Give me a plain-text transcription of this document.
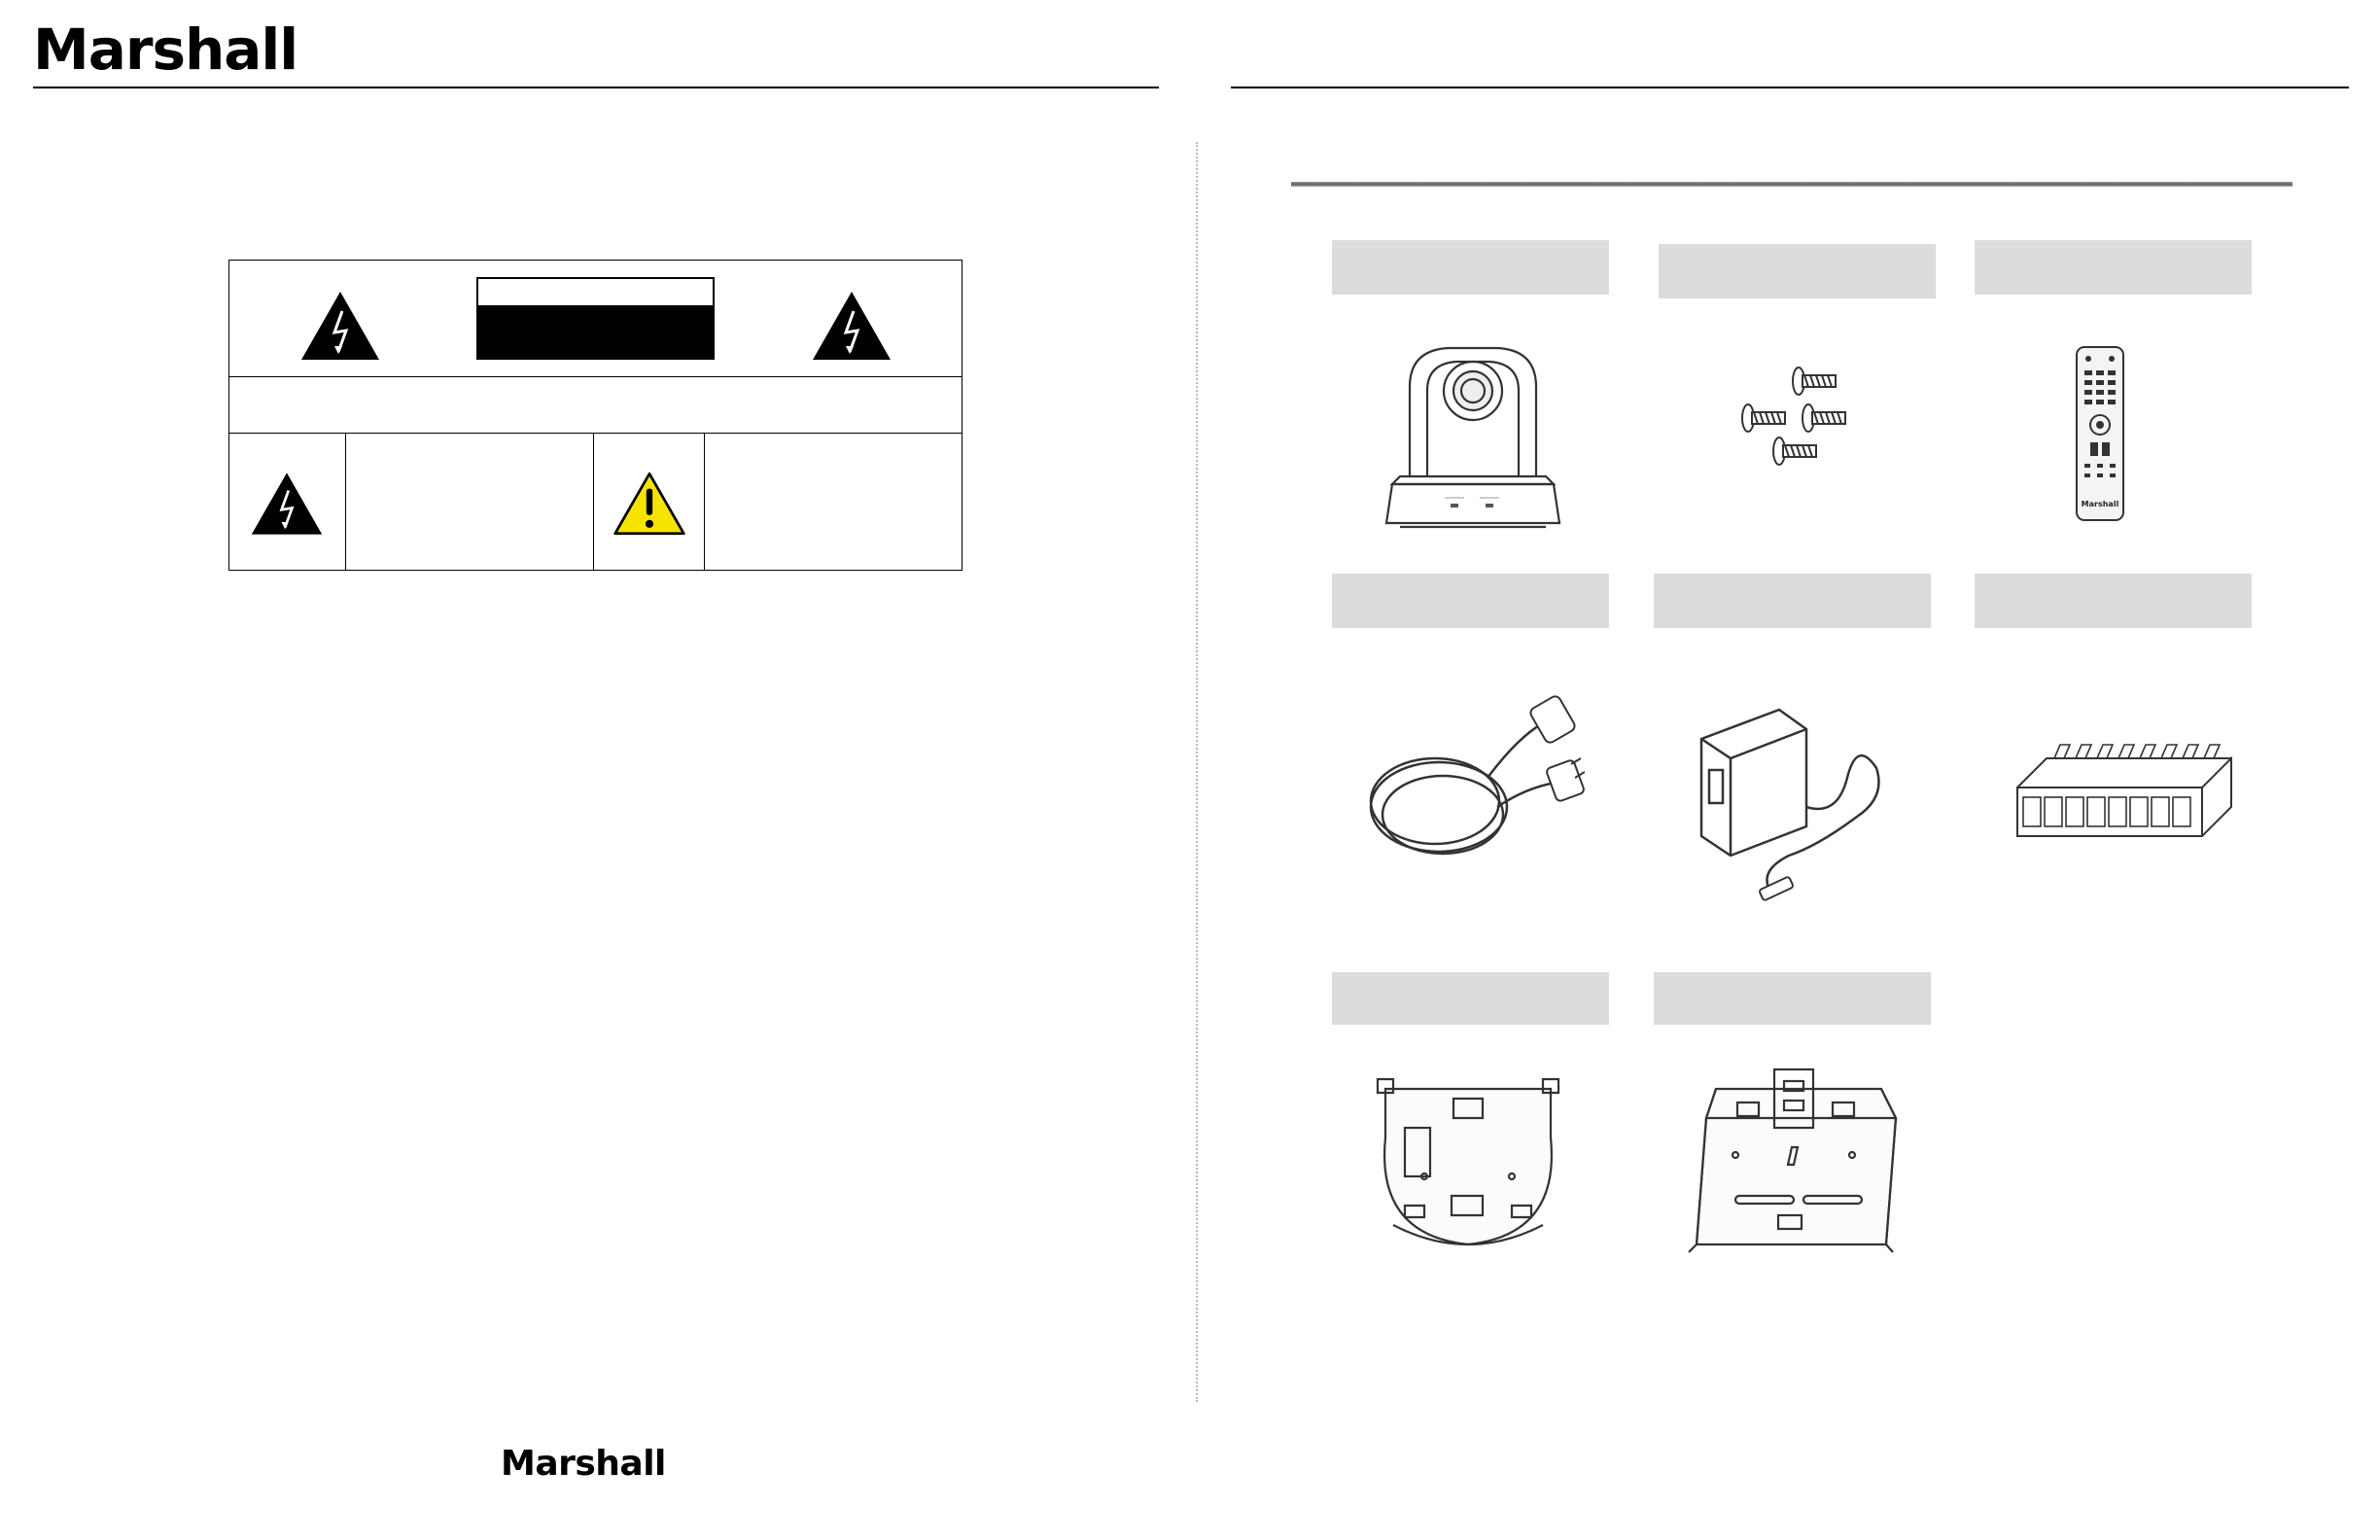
Marshall
Marshall
Marshall
